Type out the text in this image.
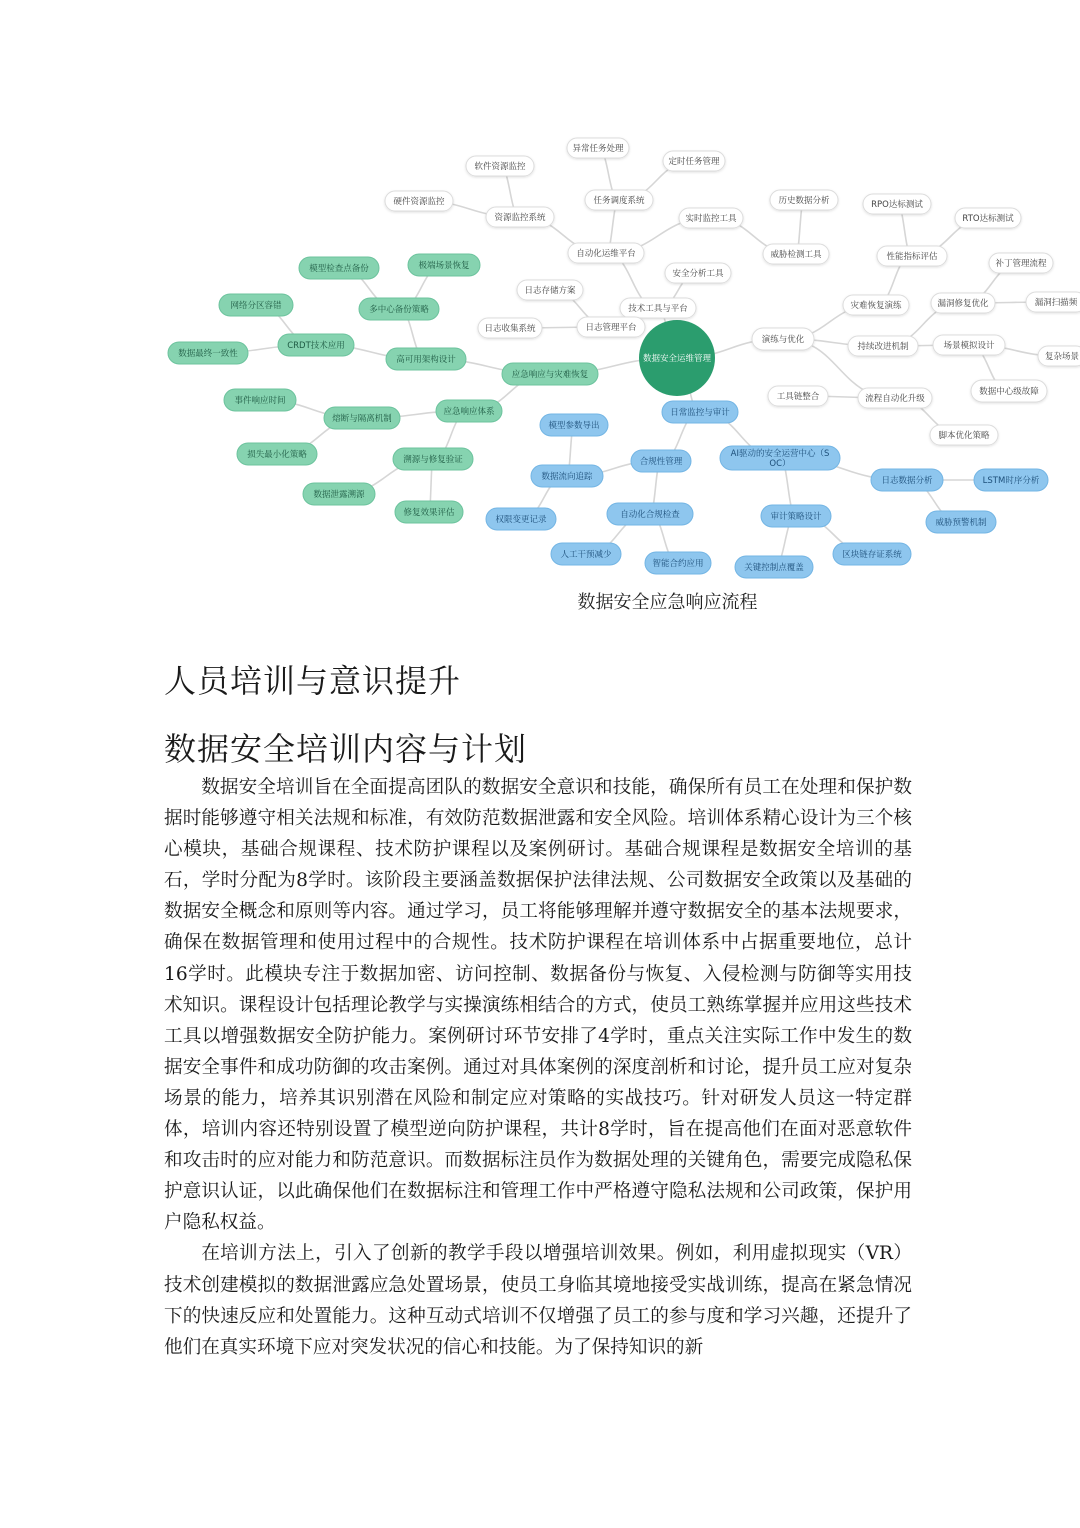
数据安全运维管理
异常任务处理
软件资源监控	定时任务管理
硬件资源监控	任务调度系统
资源监控系统
历史数据分析	RPO达标测试
实时监控工具	RTO达标测试
自动化运维平台	威胁检测工具	性能指标评估
模型检查点备份	极端场景恢复
安全分析工具
补丁管理流程
日志存储方案
网络分区容错	多中心备份策略	技术工具与平台	灾难恢复演练	漏洞修复优化	漏洞扫描频
日志收集系统	日志管理平台
CRDT技术应用
演练与优化
持续改进机制	场景模拟设计
数据最终一致性
高可用架构设计	复杂场景
应急响应与灾难恢复
数据中心级故障
事件响应时间	工具链整合	流程自动化升级
熔断与隔离机制
应急响应体系	日常监控与审计
模型参数导出
脚本优化策略
损失最小化策略	溯源与修复验证	合规性管理
AI驱动的安全运营中心（S
OC）
数据流向追踪	日志数据分析	LSTM时序分析
数据泄露溯源
修复效果评估
权限变更记录	自动化合规检查	审计策略设计
威胁预警机制
人工干预减少
智能合约应用	关键控制点覆盖
区块链存证系统
数据安全应急响应流程
人员培训与意识提升
数据安全培训内容与计划

数据安全培训旨在全面提高团队的数据安全意识和技能，确保所有员工在处理和保护数据时能够遵守相关法规和标准，有效防范数据泄露和安全风险。培训体系精心设计为三个核心模块，基础合规课程、技术防护课程以及案例研讨。基础合规课程是数据安全培训的基石，学时分配为8学时。该阶段主要涵盖数据保护法律法规、公司数据安全政策以及基础的数据安全概念和原则等内容。通过学习，员工将能够理解并遵守数据安全的基本法规要求，确保在数据管理和使用过程中的合规性。技术防护课程在培训体系中占据重要地位，总计16学时。此模块专注于数据加密、访问控制、数据备份与恢复、入侵检测与防御等实用技术知识。课程设计包括理论教学与实操演练相结合的方式，使员工熟练掌握并应用这些技术工具以增强数据安全防护能力。案例研讨环节安排了4学时，重点关注实际工作中发生的数据安全事件和成功防御的攻击案例。通过对具体案例的深度剖析和讨论，提升员工应对复杂场景的能力，培养其识别潜在风险和制定应对策略的实战技巧。针对研发人员这一特定群体，培训内容还特别设置了模型逆向防护课程，共计8学时，旨在提高他们在面对恶意软件和攻击时的应对能力和防范意识。而数据标注员作为数据处理的关键角色，需要完成隐私保护意识认证，以此确保他们在数据标注和管理工作中严格遵守隐私法规和公司政策，保护用户隐私权益。

在培训方法上，引入了创新的教学手段以增强培训效果。例如，利用虚拟现实（VR）技术创建模拟的数据泄露应急处置场景，使员工身临其境地接受实战训练，提高在紧急情况下的快速反应和处置能力。这种互动式培训不仅增强了员工的参与度和学习兴趣，还提升了他们在真实环境下应对突发状况的信心和技能。为了保持知识的新
